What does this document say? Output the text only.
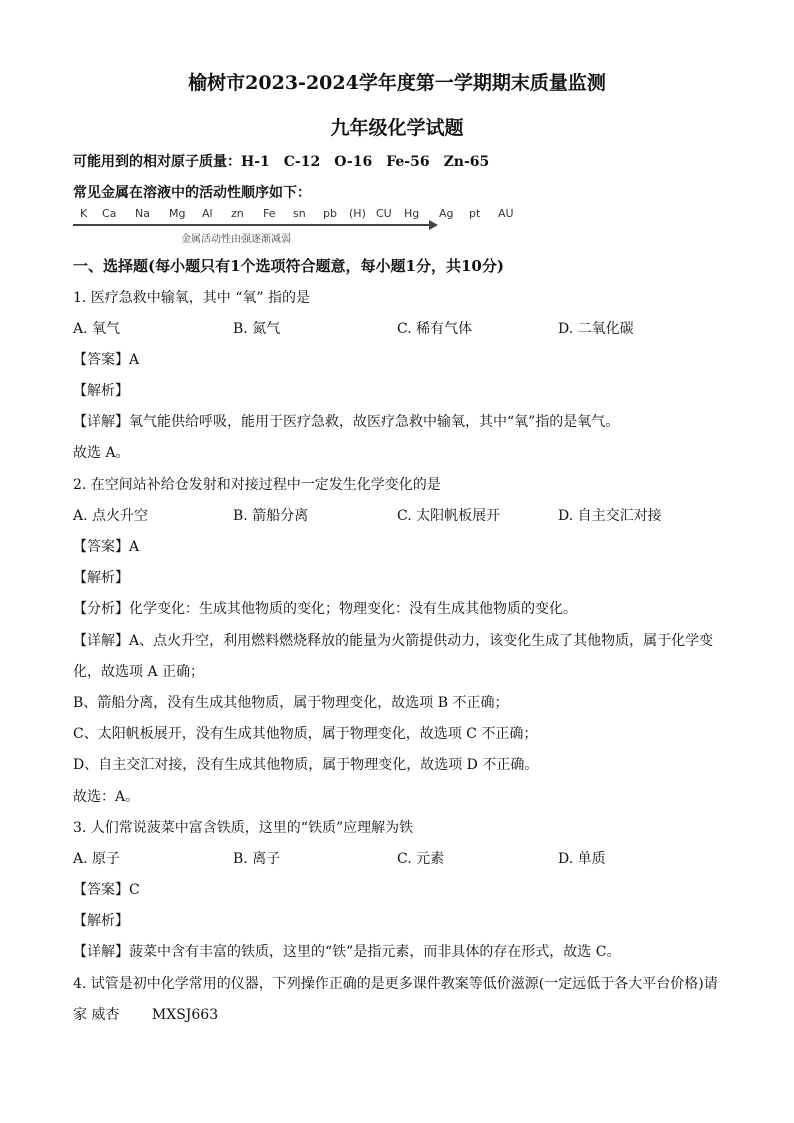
榆树市2023-2024学年度第一学期期末质量监测
九年级化学试题
可能用到的相对原子质量：H-1　C-12　O-16　Fe-56　Zn-65
常见金属在溶液中的活动性顺序如下：
K Ca Na Mg Al zn Fe sn pb (H) CU Hg Ag pt AU
金属活动性由强逐渐减弱
一、选择题(每小题只有1个选项符合题意，每小题1分，共10分)
1. 医疗急救中输氧，其中 “氧” 指的是
A. 氧气	B. 氮气	C. 稀有气体	D. 二氧化碳
【答案】A
【解析】
【详解】氧气能供给呼吸，能用于医疗急救，故医疗急救中输氧，其中“氧”指的是氧气。
故选 A。
2. 在空间站补给仓发射和对接过程中一定发生化学变化的是
A. 点火升空	B. 箭船分离	C. 太阳帆板展开	D. 自主交汇对接
【答案】A
【解析】
【分析】化学变化：生成其他物质的变化；物理变化：没有生成其他物质的变化。
【详解】A、点火升空，利用燃料燃烧释放的能量为火箭提供动力，该变化生成了其他物质，属于化学变
化，故选项 A 正确；
B、箭船分离，没有生成其他物质，属于物理变化，故选项 B 不正确；
C、太阳帆板展开，没有生成其他物质，属于物理变化，故选项 C 不正确；
D、自主交汇对接，没有生成其他物质，属于物理变化，故选项 D 不正确。
故选：A。
3. 人们常说菠菜中富含铁质，这里的“铁质”应理解为铁
A. 原子	B. 离子	C. 元素	D. 单质
【答案】C
【解析】
【详解】菠菜中含有丰富的铁质，这里的“铁”是指元素，而非具体的存在形式，故选 C。
4. 试管是初中化学常用的仪器，下列操作正确的是更多课件教案等低价滋源(一定远低于各大平台价格)请
家 威杏　　 MXSJ663
